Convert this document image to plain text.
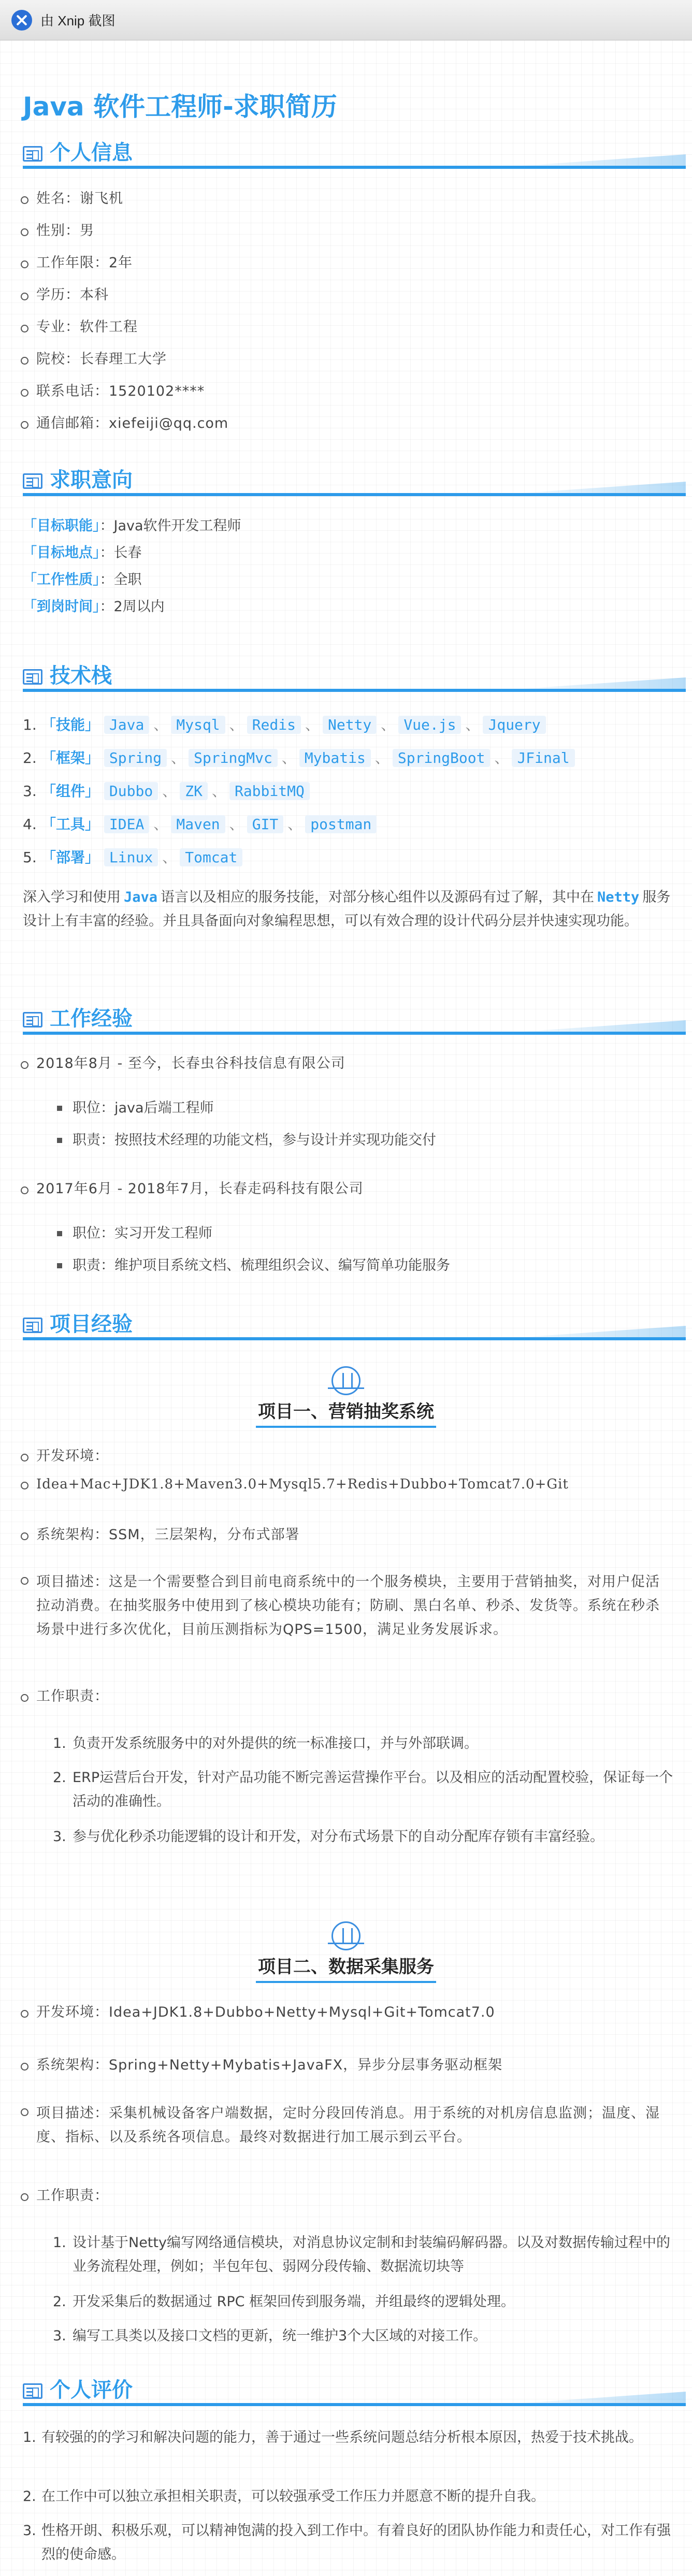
由 Xnip 截图
Java 软件工程师-求职简历
个人信息
姓名：谢飞机
性别：男
工作年限：2年
学历：本科
专业：软件工程
院校：长春理工大学
联系电话：1520102****
通信邮箱：xiefeiji@qq.com
求职意向
「目标职能」：Java软件开发工程师
「目标地点」：长春
「工作性质」：全职
「到岗时间」：2周以内
技术栈
1. 「技能」 Java 、 Mysql 、 Redis 、 Netty 、 Vue.js 、 Jquery
2. 「框架」 Spring 、 SpringMvc 、 Mybatis 、 SpringBoot 、 JFinal
3. 「组件」 Dubbo 、 ZK 、 RabbitMQ
4. 「工具」 IDEA 、 Maven 、 GIT 、 postman
5. 「部署」 Linux 、 Tomcat
深入学习和使用 Java 语言以及相应的服务技能，对部分核心组件以及源码有过了解，其中在 Netty 服务设计上有丰富的经验。并且具备面向对象编程思想，可以有效合理的设计代码分层并快速实现功能。
工作经验
2018年8月 - 至今，长春虫谷科技信息有限公司
职位：java后端工程师
职责：按照技术经理的功能文档，参与设计并实现功能交付
2017年6月 - 2018年7月，长春走码科技有限公司
职位：实习开发工程师
职责：维护项目系统文档、梳理组织会议、编写简单功能服务
项目经验
项目一、营销抽奖系统
开发环境：
Idea+Mac+JDK1.8+Maven3.0+Mysql5.7+Redis+Dubbo+Tomcat7.0+Git
系统架构：SSM，三层架构，分布式部署
项目描述：这是一个需要整合到目前电商系统中的一个服务模块，主要用于营销抽奖，对用户促活拉动消费。在抽奖服务中使用到了核心模块功能有；防刷、黑白名单、秒杀、发货等。系统在秒杀场景中进行多次优化，目前压测指标为QPS=1500，满足业务发展诉求。
工作职责：
1. 负责开发系统服务中的对外提供的统一标准接口，并与外部联调。
2. ERP运营后台开发，针对产品功能不断完善运营操作平台。以及相应的活动配置校验，保证每一个活动的准确性。
3. 参与优化秒杀功能逻辑的设计和开发，对分布式场景下的自动分配库存锁有丰富经验。
项目二、数据采集服务
开发环境：Idea+JDK1.8+Dubbo+Netty+Mysql+Git+Tomcat7.0
系统架构：Spring+Netty+Mybatis+JavaFX，异步分层事务驱动框架
项目描述：采集机械设备客户端数据，定时分段回传消息。用于系统的对机房信息监测；温度、湿度、指标、以及系统各项信息。最终对数据进行加工展示到云平台。
工作职责：
1. 设计基于Netty编写网络通信模块，对消息协议定制和封装编码解码器。以及对数据传输过程中的业务流程处理，例如；半包年包、弱网分段传输、数据流切块等
2. 开发采集后的数据通过 RPC 框架回传到服务端，并组最终的逻辑处理。
3. 编写工具类以及接口文档的更新，统一维护3个大区域的对接工作。
个人评价
1. 有较强的的学习和解决问题的能力，善于通过一些系统问题总结分析根本原因，热爱于技术挑战。
2. 在工作中可以独立承担相关职责，可以较强承受工作压力并愿意不断的提升自我。
3. 性格开朗、积极乐观，可以精神饱满的投入到工作中。有着良好的团队协作能力和责任心，对工作有强烈的使命感。
